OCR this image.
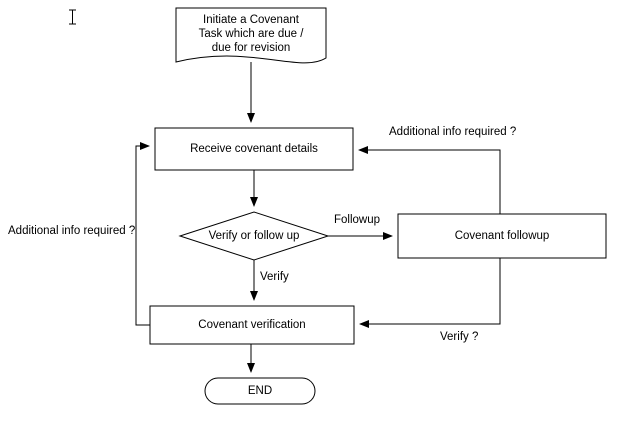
Initiate a Covenant
Task which are due /
due for revision
Receive covenant details
Verify or follow up	Covenant followup
Covenant verification
END
Additional info required ?
Additional info required ?
Followup
Verify
Verify ?
